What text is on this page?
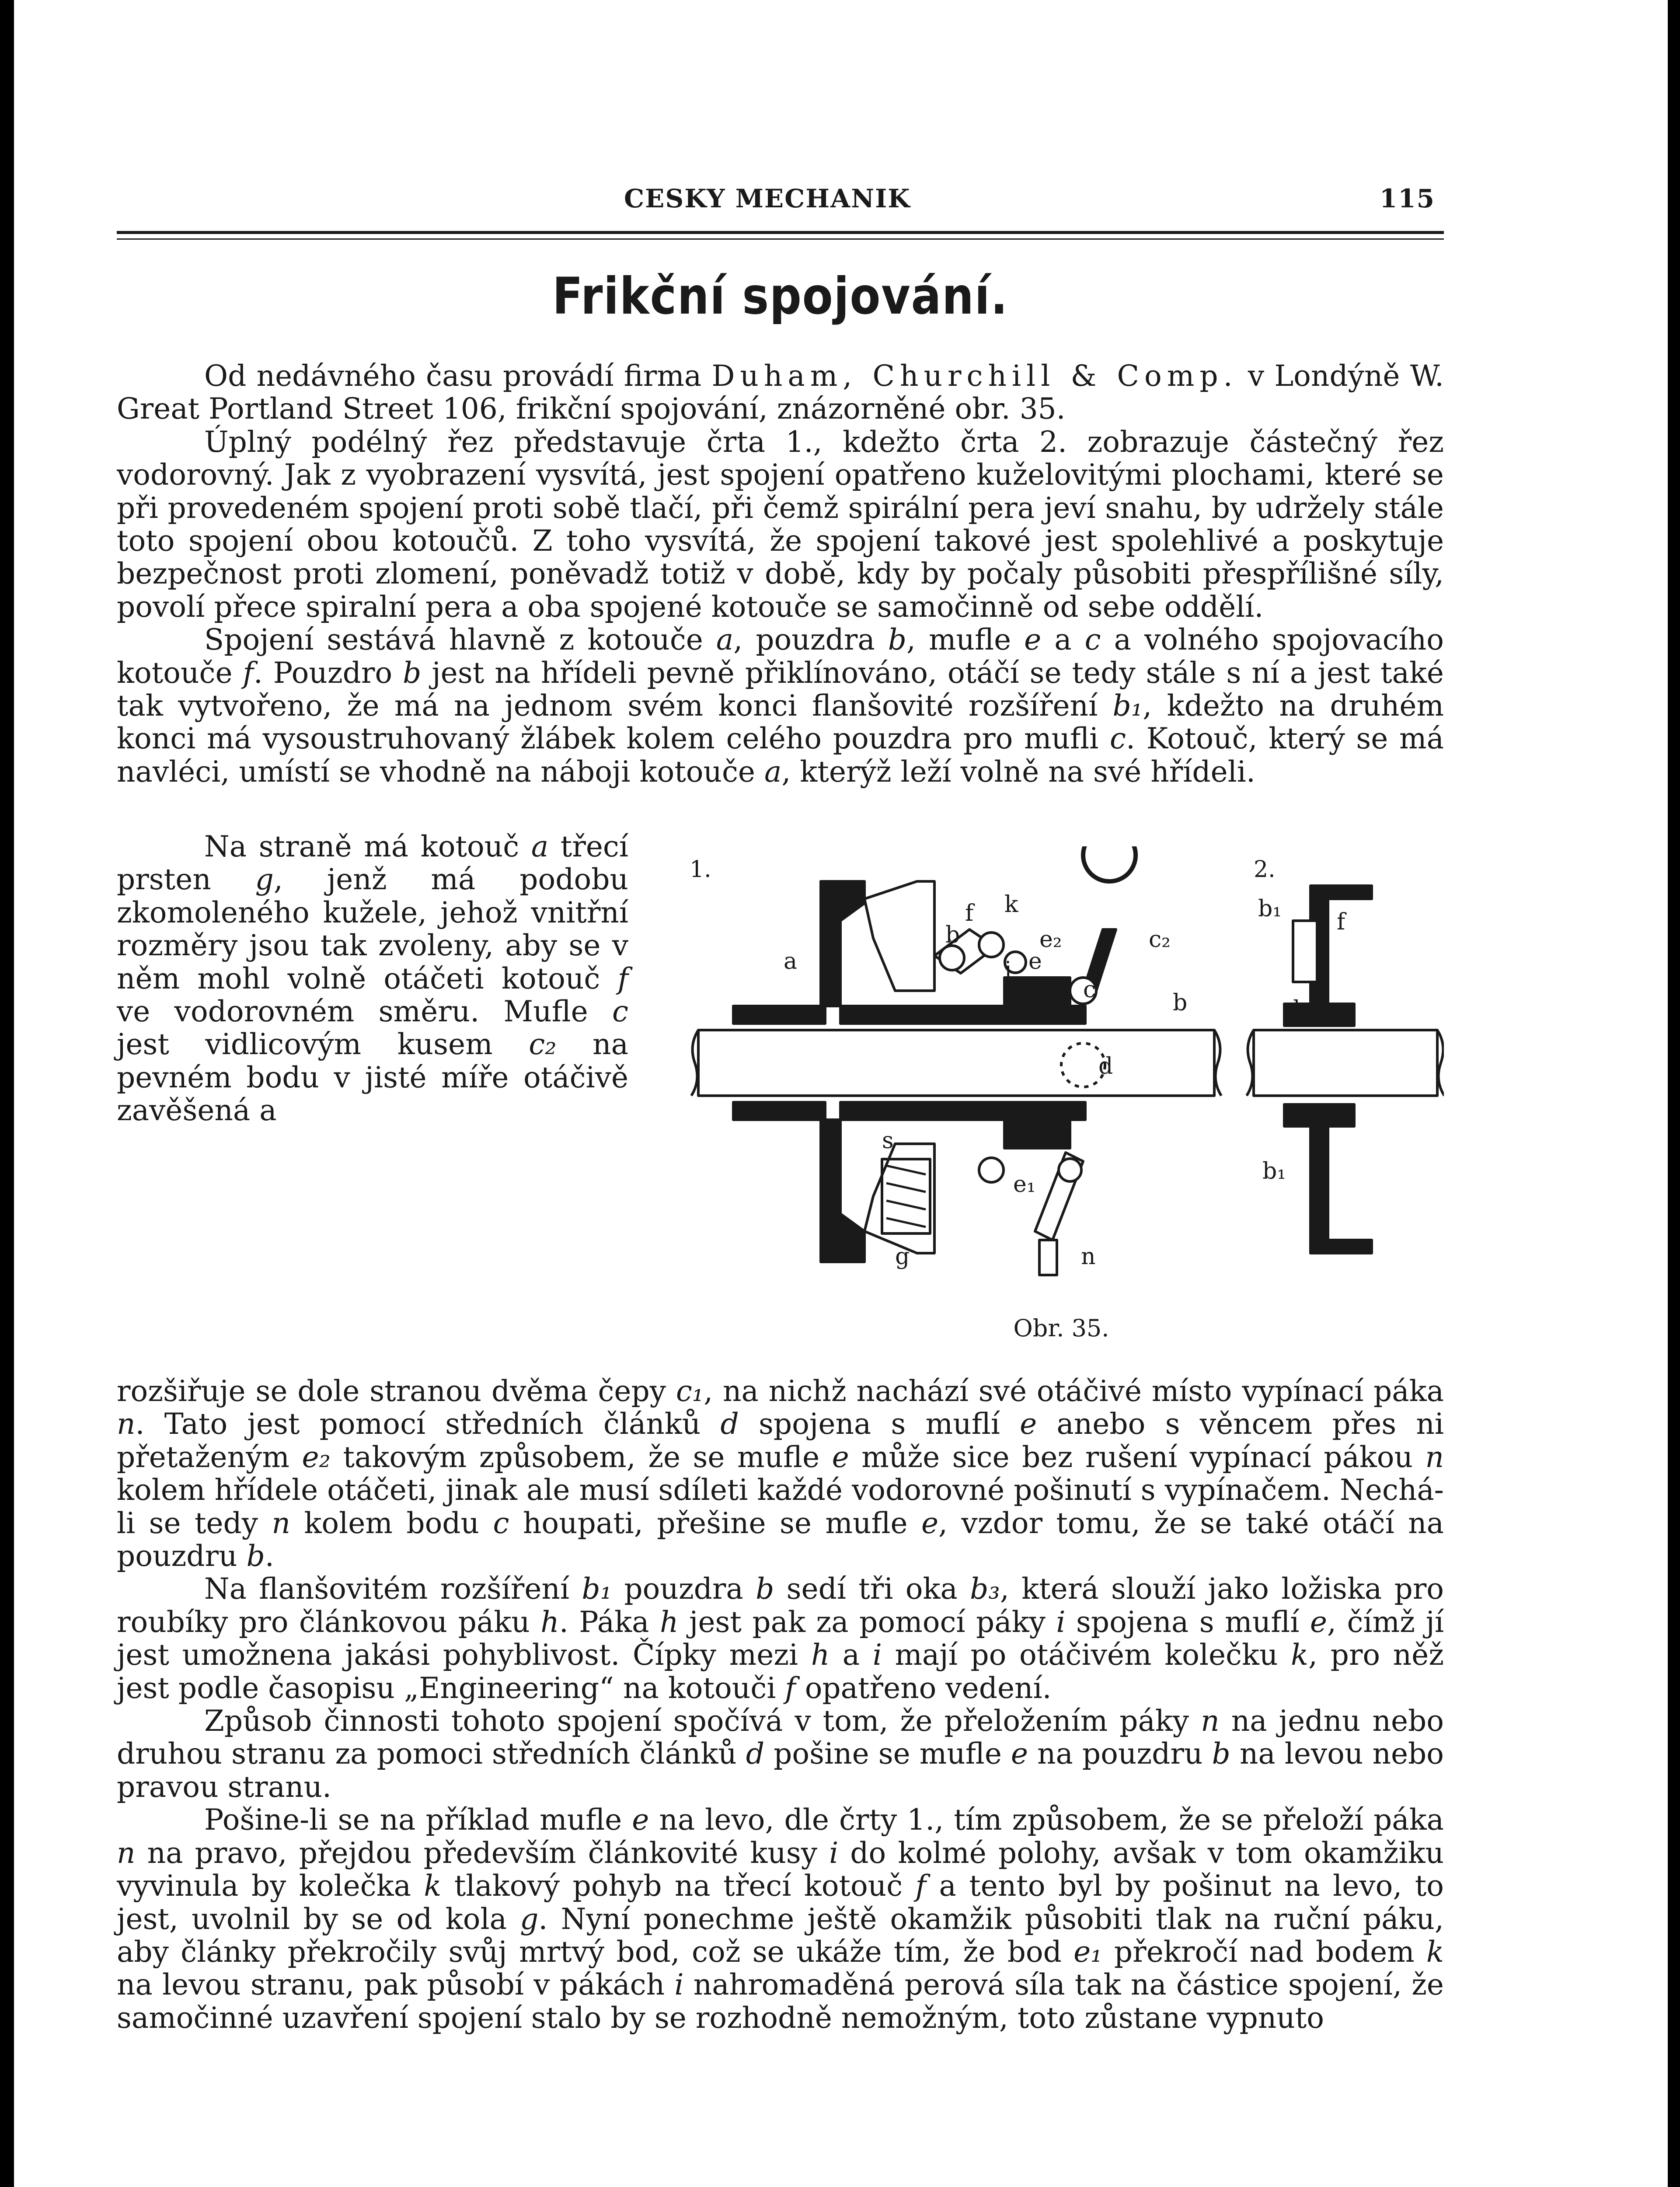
CESKY MECHANIK	115
Frikční spojování.

Od nedávného času provádí firma Duham, Churchill & Comp. v Londýně W. Great Portland Street 106, frikční spojování, znázorněné obr. 35.

Úplný podélný řez představuje črta 1., kdežto črta 2. zobrazuje částečný řez vodorovný. Jak z vyobrazení vysvítá, jest spojení opatřeno kuželovitými plochami, které se při provedeném spojení proti sobě tlačí, při čemž spirální pera jeví snahu, by udržely stále toto spojení obou kotoučů. Z toho vysvítá, že spojení takové jest spolehlivé a poskytuje bezpečnost proti zlomení, poněvadž totiž v době, kdy by počaly působiti přespřílišné síly, povolí přece spiralní pera a oba spojené kotouče se samočinně od sebe oddělí.

Spojení sestává hlavně z kotouče a, pouzdra b, mufle e a c a volného spojovacího kotouče f. Pouzdro b jest na hřídeli pevně přiklínováno, otáčí se tedy stále s ní a jest také tak vytvořeno, že má na jednom svém konci flanšovité rozšíření b₁, kdežto na druhém konci má vysoustruhovaný žlábek kolem celého pouzdra pro mufli c. Kotouč, který se má navléci, umístí se vhodně na náboji kotouče a, kterýž leží volně na své hřídeli.

Na straně má kotouč a třecí prsten g, jenž má podobu zkomoleného kužele, jehož vnitřní rozměry jsou tak zvoleny, aby se v něm mohl volně otáčeti kotouč f ve vodorovném směru. Mufle c jest vidlicovým kusem c₂ na pevném bodu v jisté míře otáčivě zavěšená a

1.	2.
a
b
f k
i e
e₂
c
c₂
d
s
g
e₁
n
b₁
b
f
b₁
b
Obr. 35.

rozšiřuje se dole stranou dvěma čepy c₁, na nichž nachází své otáčivé místo vypínací páka n. Tato jest pomocí středních článků d spojena s muflí e anebo s věncem přes ni přetaženým e₂ takovým způsobem, že se mufle e může sice bez rušení vypínací pákou n kolem hřídele otáčeti, jinak ale musí sdíleti každé vodorovné pošinutí s vypínačem. Nechá-li se tedy n kolem bodu c houpati, přešine se mufle e, vzdor tomu, že se také otáčí na pouzdru b.

Na flanšovitém rozšíření b₁ pouzdra b sedí tři oka b₃, která slouží jako ložiska pro roubíky pro článkovou páku h. Páka h jest pak za pomocí páky i spojena s muflí e, čímž jí jest umožnena jakási pohyblivost. Čípky mezi h a i mají po otáčivém kolečku k, pro něž jest podle časopisu „Engineering“ na kotouči f opatřeno vedení.

Způsob činnosti tohoto spojení spočívá v tom, že přeložením páky n na jednu nebo druhou stranu za pomoci středních článků d pošine se mufle e na pouzdru b na levou nebo pravou stranu.

Pošine-li se na příklad mufle e na levo, dle črty 1., tím způsobem, že se přeloží páka n na pravo, přejdou především článkovité kusy i do kolmé polohy, avšak v tom okamžiku vyvinula by kolečka k tlakový pohyb na třecí kotouč f a tento byl by pošinut na levo, to jest, uvolnil by se od kola g. Nyní ponechme ještě okamžik působiti tlak na ruční páku, aby články překročily svůj mrtvý bod, což se ukáže tím, že bod e₁ překročí nad bodem k na levou stranu, pak působí v pákách i nahromaděná perová síla tak na částice spojení, že samočinné uzavření spojení stalo by se rozhodně nemožným, toto zůstane vypnuto
